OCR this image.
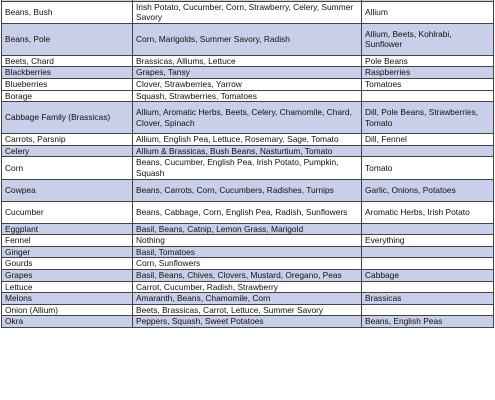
Beans, Bush	Irish Potato, Cucumber, Corn, Strawberry, Celery, Summer Savory	Allium
Beans, Pole	Corn, Marigolds, Summer Savory, Radish	Allium, Beets, Kohlrabi, Sunflower
Beets, Chard	Brassicas, Alliums, Lettuce	Pole Beans
Blackberries	Grapes, Tansy	Raspberries
Blueberries	Clover, Strawberries, Yarrow	Tomatoes
Borage	Squash, Strawberries, Tomatoes	
Cabbage Family (Brassicas)	Allium, Aromatic Herbs, Beets, Celery, Chamomile, Chard, Clover, Spinach	Dill, Pole Beans, Strawberries, Tomato
Carrots, Parsnip	Allium, English Pea, Lettuce, Rosemary, Sage, Tomato	Dill, Fennel
Celery	Allium & Brassicas, Bush Beans, Nasturtium, Tomato	
Corn	Beans, Cucumber, English Pea, Irish Potato, Pumpkin, Squash	Tomato
Cowpea	Beans, Carrots, Corn, Cucumbers, Radishes, Turnips	Garlic, Onions, Potatoes
Cucumber	Beans, Cabbage, Corn, English Pea, Radish, Sunflowers	Aromatic Herbs, Irish Potato
Eggplant	Basil, Beans, Catnip, Lemon Grass, Marigold	
Fennel	Nothing	Everything
Ginger	Basil, Tomatoes	
Gourds	Corn, Sunflowers	
Grapes	Basil, Beans, Chives, Clovers, Mustard, Oregano, Peas	Cabbage
Lettuce	Carrot, Cucumber, Radish, Strawberry	
Melons	Amaranth, Beans, Chamomile, Corn	Brassicas
Onion (Allium)	Beets, Brassicas, Carrot, Lettuce, Summer Savory	
Okra	Peppers, Squash, Sweet Potatoes	Beans, English Peas
